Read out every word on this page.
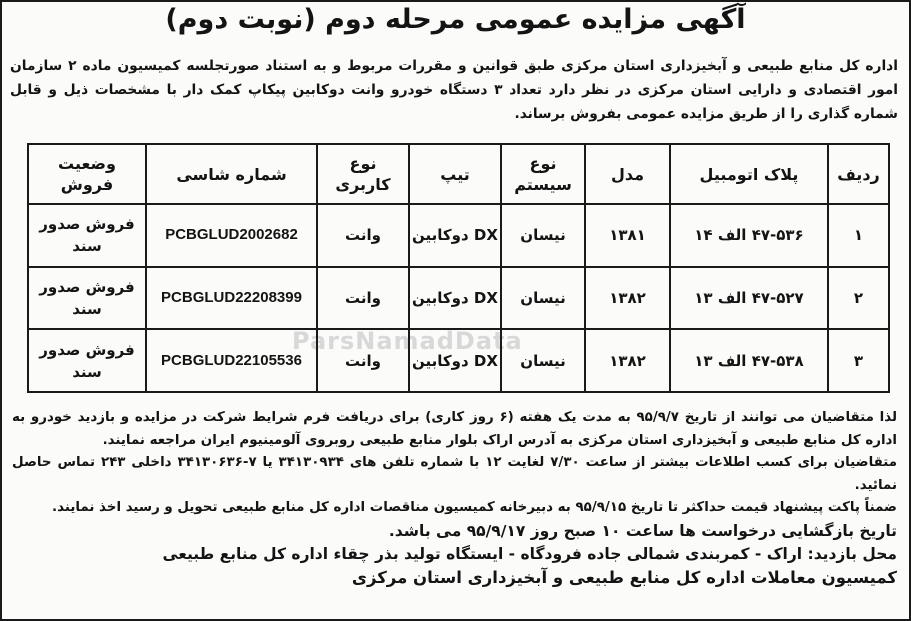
ParsNamadData
آگهی مزایده عمومی مرحله دوم (نوبت دوم)
اداره کل منابع طبیعی و آبخیزداری استان مرکزی طبق قوانین و مقررات مربوط و به استناد صورتجلسه کمیسیون ماده ۲ سازمان امور اقتصادی و دارایی استان مرکزی در نظر دارد تعداد ۳ دستگاه خودرو وانت دوکابین پیکاپ کمک دار با مشخصات ذیل و قابل شماره گذاری را از طریق مزایده عمومی بفروش برساند.
ردیف	پلاک اتومبیل	مدل	نوع سیستم	تیپ	نوع کاربری	شماره شاسی	وضعیت فروش
۱	۴۷-۵۳۶ الف ۱۴	۱۳۸۱	نیسان	DX دوکابین	وانت	PCBGLUD2002682	فروش صدور سند
۲	۴۷-۵۲۷ الف ۱۳	۱۳۸۲	نیسان	DX دوکابین	وانت	PCBGLUD22208399	فروش صدور سند
۳	۴۷-۵۳۸ الف ۱۳	۱۳۸۲	نیسان	DX دوکابین	وانت	PCBGLUD22105536	فروش صدور سند

لذا متقاضیان می توانند از تاریخ ۹۵/۹/۷ به مدت یک هفته (۶ روز کاری) برای دریافت فرم شرایط شرکت در مزایده و بازدید خودرو به اداره کل منابع طبیعی و آبخیزداری استان مرکزی به آدرس اراک بلوار منابع طبیعی روبروی آلومینیوم ایران مراجعه نمایند.

متقاضیان برای کسب اطلاعات بیشتر از ساعت ۷/۳۰ لغایت ۱۲ با شماره تلفن های ۳۴۱۳۰۹۳۴ یا ۷-۳۴۱۳۰۶۳۶ داخلی ۲۴۳ تماس حاصل نمائید.

ضمناً پاکت پیشنهاد قیمت حداکثر تا تاریخ ۹۵/۹/۱۵ به دبیرخانه کمیسیون مناقصات اداره کل منابع طبیعی تحویل و رسید اخذ نمایند.

تاریخ بازگشایی درخواست ها ساعت ۱۰ صبح روز ۹۵/۹/۱۷ می باشد.

محل بازدید: اراک - کمربندی شمالی جاده فرودگاه - ایستگاه تولید بذر چقاء اداره کل منابع طبیعی

کمیسیون معاملات اداره کل منابع طبیعی و آبخیزداری استان مرکزی
